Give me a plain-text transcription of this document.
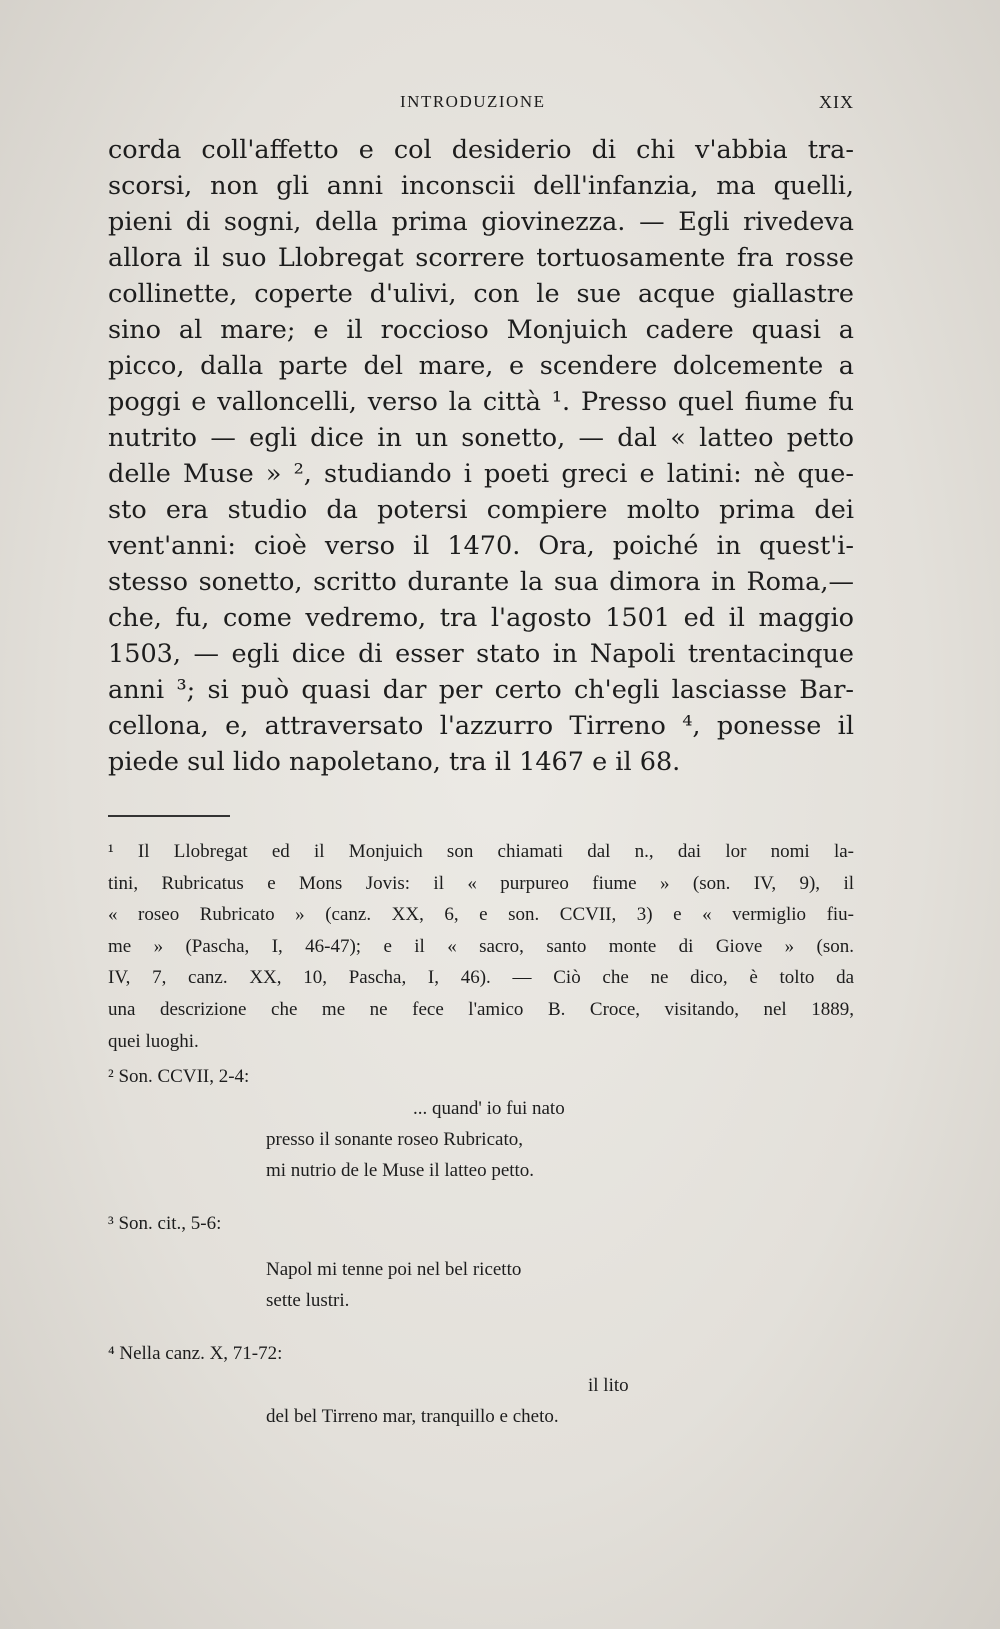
INTRODUZIONE	XIX
corda coll'affetto e col desiderio di chi v'abbia tra-
scorsi, non gli anni inconscii dell'infanzia, ma quelli,
pieni di sogni, della prima giovinezza. — Egli rivedeva
allora il suo Llobregat scorrere tortuosamente fra rosse
collinette, coperte d'ulivi, con le sue acque giallastre
sino al mare; e il roccioso Monjuich cadere quasi a
picco, dalla parte del mare, e scendere dolcemente a
poggi e valloncelli, verso la città ¹. Presso quel fiume fu
nutrito — egli dice in un sonetto, — dal « latteo petto
delle Muse » ², studiando i poeti greci e latini: nè que-
sto era studio da potersi compiere molto prima dei
vent'anni: cioè verso il 1470. Ora, poiché in quest'i-
stesso sonetto, scritto durante la sua dimora in Roma,—
che, fu, come vedremo, tra l'agosto 1501 ed il maggio
1503, — egli dice di esser stato in Napoli trentacinque
anni ³; si può quasi dar per certo ch'egli lasciasse Bar-
cellona, e, attraversato l'azzurro Tirreno ⁴, ponesse il
piede sul lido napoletano, tra il 1467 e il 68.
¹ Il Llobregat ed il Monjuich son chiamati dal n., dai lor nomi la-
tini, Rubricatus e Mons Jovis: il « purpureo fiume » (son. IV, 9), il
« roseo Rubricato » (canz. XX, 6, e son. CCVII, 3) e « vermiglio fiu-
me » (Pascha, I, 46-47); e il « sacro, santo monte di Giove » (son.
IV, 7, canz. XX, 10, Pascha, I, 46). — Ciò che ne dico, è tolto da
una descrizione che me ne fece l'amico B. Croce, visitando, nel 1889,
quei luoghi.
² Son. CCVII, 2-4:
... quand' io fui nato
presso il sonante roseo Rubricato,
mi nutrio de le Muse il latteo petto.
³ Son. cit., 5-6:
Napol mi tenne poi nel bel ricetto
sette lustri.
⁴ Nella canz. X, 71-72:
il lito
del bel Tirreno mar, tranquillo e cheto.
